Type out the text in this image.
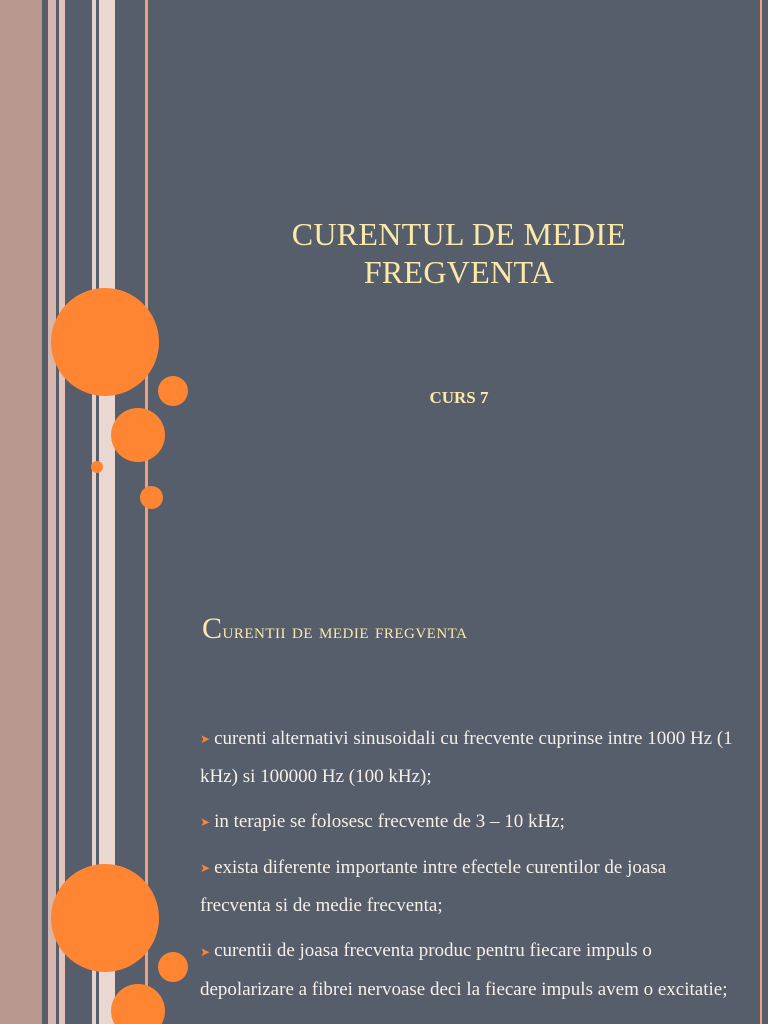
CURENTUL DE MEDIE
FREGVENTA
CURS 7
Curentii de medie fregventa
➤ curenti alternativi sinusoidali cu frecvente cuprinse intre 1000 Hz (1 kHz) si 100000 Hz (100 kHz);
➤ in terapie se folosesc frecvente de 3 – 10 kHz;
➤ exista diferente importante intre efectele curentilor de joasa frecventa si de medie frecventa;
➤ curentii de joasa frecventa produc pentru fiecare impuls o depolarizare a fibrei nervoase deci la fiecare impuls avem o excitatie;
